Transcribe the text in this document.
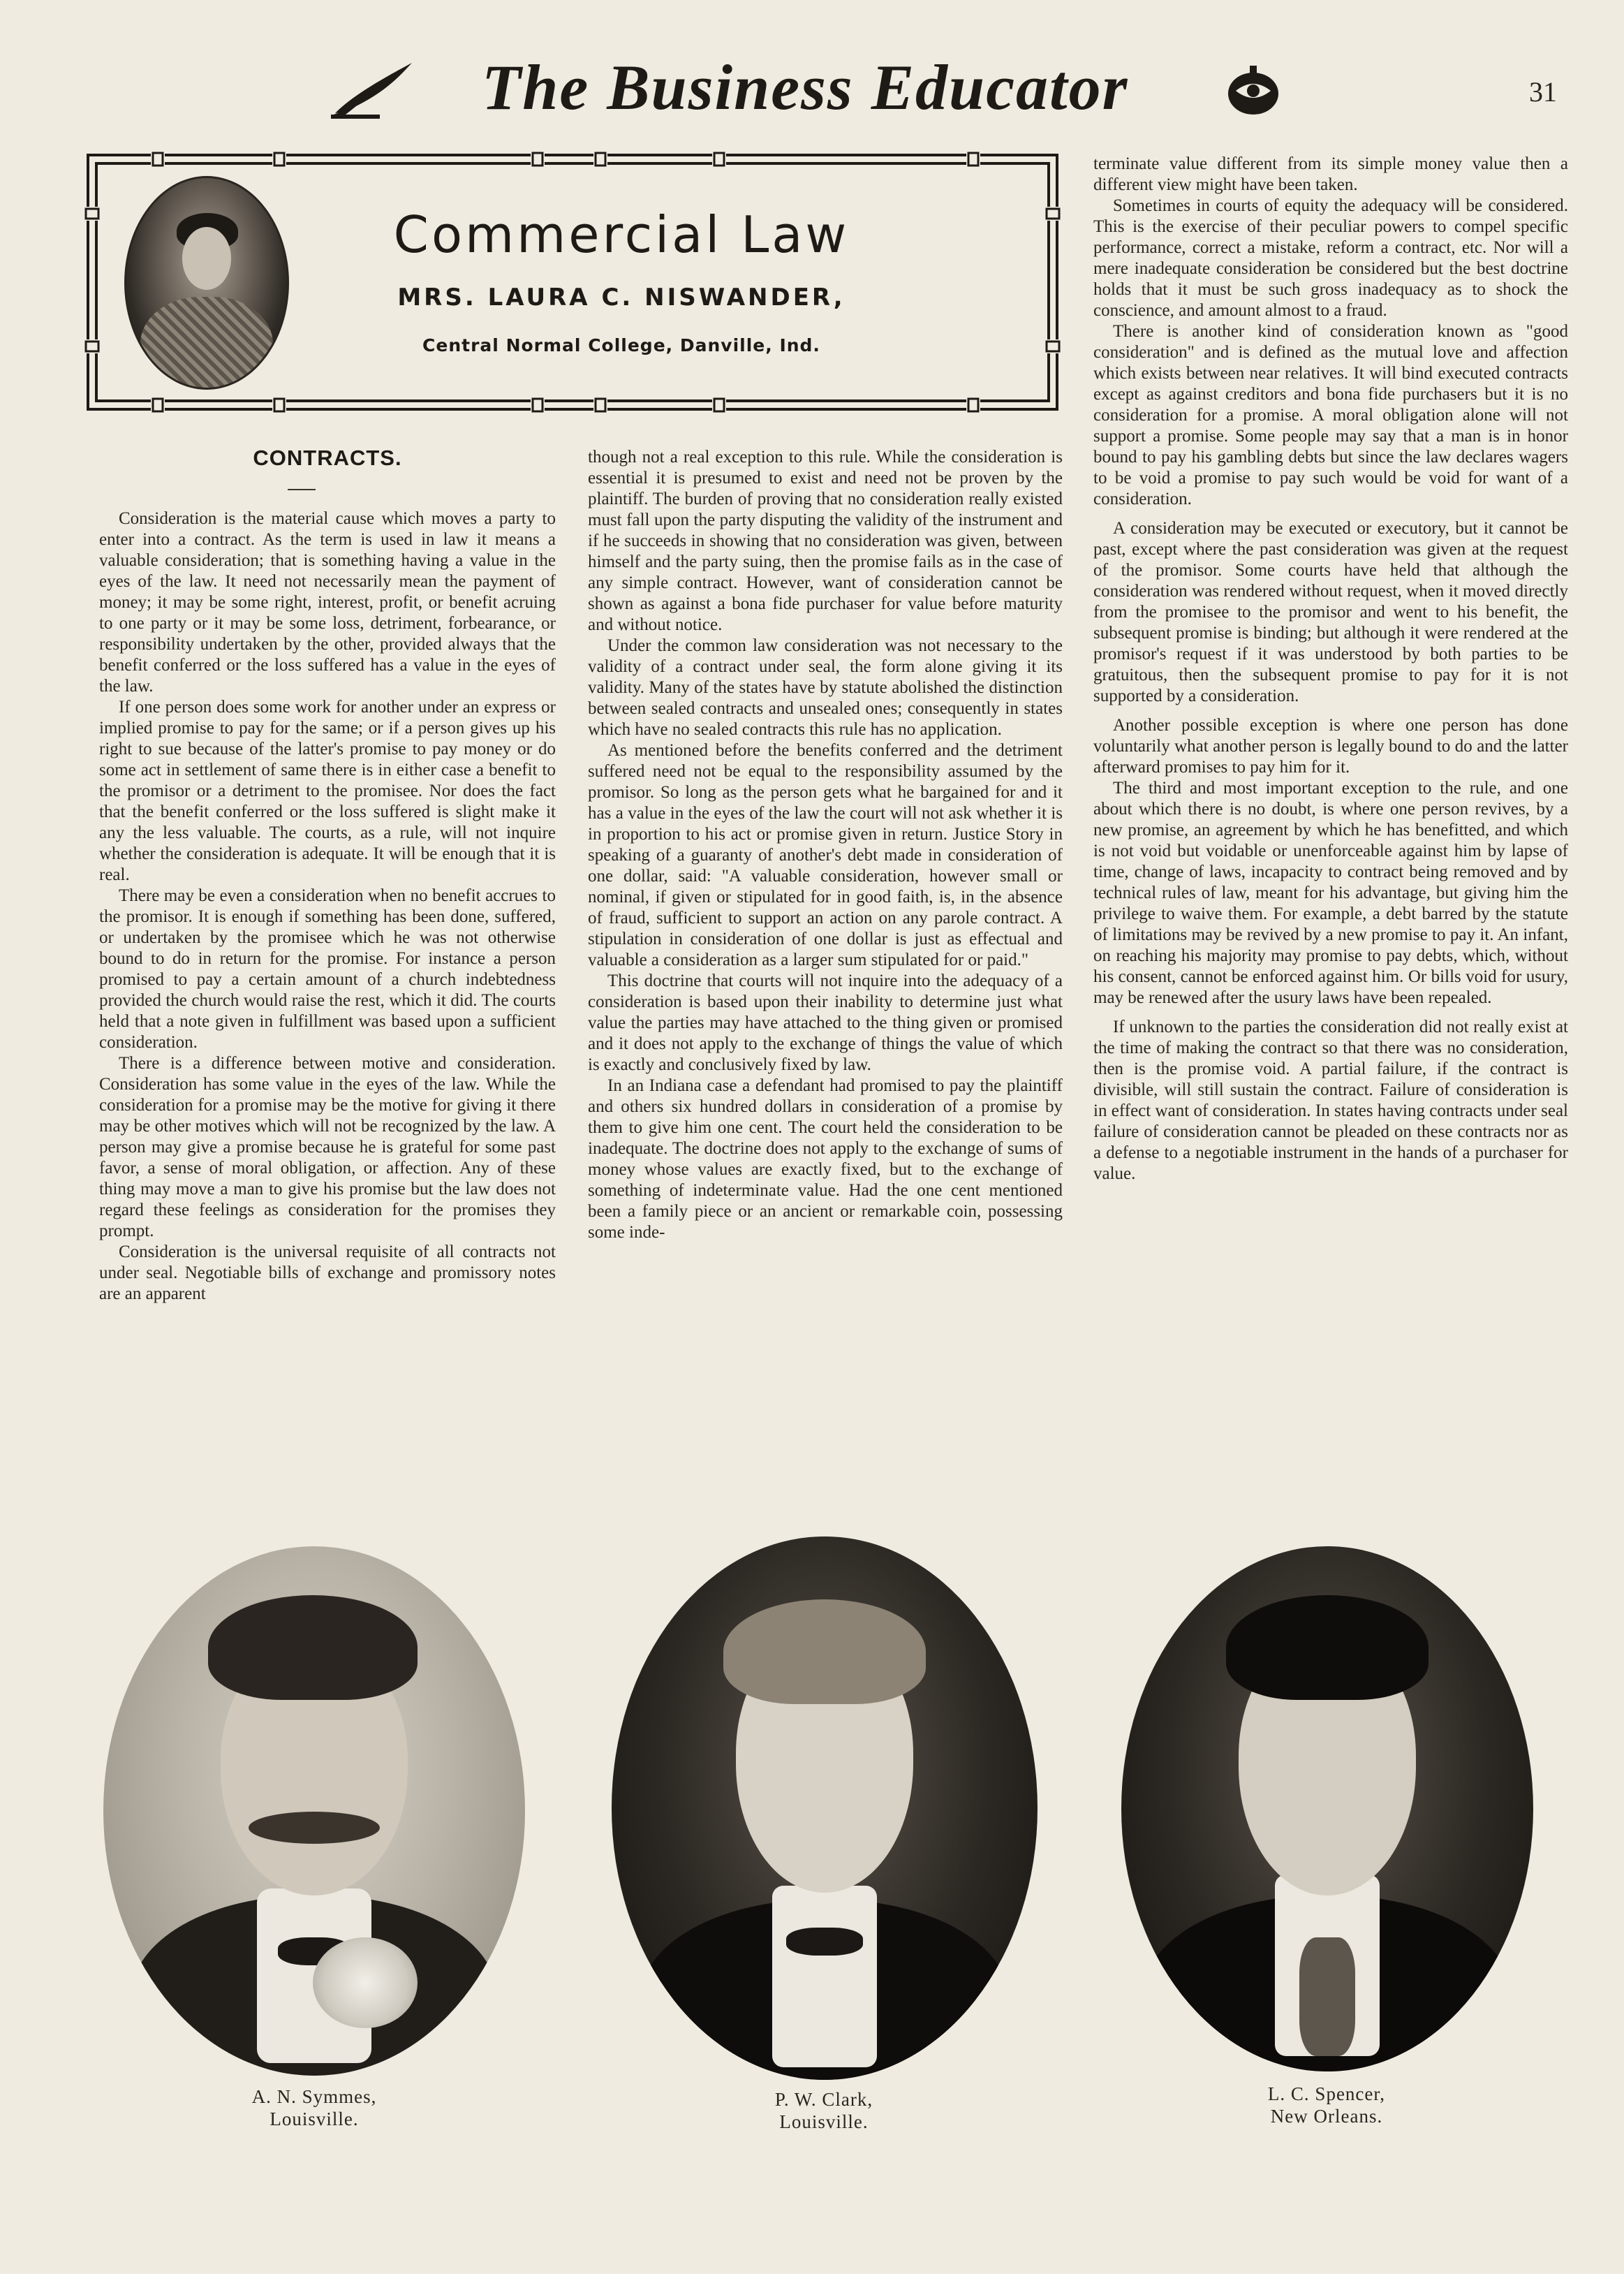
The Business Educator	31
Commercial Law
MRS. LAURA C. NISWANDER,
Central Normal College, Danville, Ind.
CONTRACTS.

Consideration is the material cause which moves a party to enter into a contract. As the term is used in law it means a valuable consideration; that is something having a value in the eyes of the law. It need not necessarily mean the payment of money; it may be some right, interest, profit, or benefit acruing to one party or it may be some loss, detriment, forbearance, or responsibility undertaken by the other, provided always that the benefit conferred or the loss suffered has a value in the eyes of the law.

If one person does some work for another under an express or implied promise to pay for the same; or if a person gives up his right to sue because of the latter's promise to pay money or do some act in settlement of same there is in either case a benefit to the promisor or a detriment to the promisee. Nor does the fact that the benefit conferred or the loss suffered is slight make it any the less valuable. The courts, as a rule, will not inquire whether the consideration is adequate. It will be enough that it is real.

There may be even a consideration when no benefit accrues to the promisor. It is enough if something has been done, suffered, or undertaken by the promisee which he was not otherwise bound to do in return for the promise. For instance a person promised to pay a certain amount of a church indebtedness provided the church would raise the rest, which it did. The courts held that a note given in fulfillment was based upon a sufficient consideration.

There is a difference between motive and consideration. Consideration has some value in the eyes of the law. While the consideration for a promise may be the motive for giving it there may be other motives which will not be recognized by the law. A person may give a promise because he is grateful for some past favor, a sense of moral obligation, or affection. Any of these thing may move a man to give his promise but the law does not regard these feelings as consideration for the promises they prompt.

Consideration is the universal requisite of all contracts not under seal. Negotiable bills of exchange and promissory notes are an apparent

though not a real exception to this rule. While the consideration is essential it is presumed to exist and need not be proven by the plaintiff. The burden of proving that no consideration really existed must fall upon the party disputing the validity of the instrument and if he succeeds in showing that no consideration was given, between himself and the party suing, then the promise fails as in the case of any simple contract. However, want of consideration cannot be shown as against a bona fide purchaser for value before maturity and without notice.

Under the common law consideration was not necessary to the validity of a contract under seal, the form alone giving it its validity. Many of the states have by statute abolished the distinction between sealed contracts and unsealed ones; consequently in states which have no sealed contracts this rule has no application.

As mentioned before the benefits conferred and the detriment suffered need not be equal to the responsibility assumed by the promisor. So long as the person gets what he bargained for and it has a value in the eyes of the law the court will not ask whether it is in proportion to his act or promise given in return. Justice Story in speaking of a guaranty of another's debt made in consideration of one dollar, said: "A valuable consideration, however small or nominal, if given or stipulated for in good faith, is, in the absence of fraud, sufficient to support an action on any parole contract. A stipulation in consideration of one dollar is just as effectual and valuable a consideration as a larger sum stipulated for or paid."

This doctrine that courts will not inquire into the adequacy of a consideration is based upon their inability to determine just what value the parties may have attached to the thing given or promised and it does not apply to the exchange of things the value of which is exactly and conclusively fixed by law.

In an Indiana case a defendant had promised to pay the plaintiff and others six hundred dollars in consideration of a promise by them to give him one cent. The court held the consideration to be inadequate. The doctrine does not apply to the exchange of sums of money whose values are exactly fixed, but to the exchange of something of indeterminate value. Had the one cent mentioned been a family piece or an ancient or remarkable coin, possessing some inde-

terminate value different from its simple money value then a different view might have been taken.

Sometimes in courts of equity the adequacy will be considered. This is the exercise of their peculiar powers to compel specific performance, correct a mistake, reform a contract, etc. Nor will a mere inadequate consideration be considered but the best doctrine holds that it must be such gross inadequacy as to shock the conscience, and amount almost to a fraud.

There is another kind of consideration known as "good consideration" and is defined as the mutual love and affection which exists between near relatives. It will bind executed contracts except as against creditors and bona fide purchasers but it is no consideration for a promise. A moral obligation alone will not support a promise. Some people may say that a man is in honor bound to pay his gambling debts but since the law declares wagers to be void a promise to pay such would be void for want of a consideration.

A consideration may be executed or executory, but it cannot be past, except where the past consideration was given at the request of the promisor. Some courts have held that although the consideration was rendered without request, when it moved directly from the promisee to the promisor and went to his benefit, the subsequent promise is binding; but although it were rendered at the promisor's request if it was understood by both parties to be gratuitous, then the subsequent promise to pay for it is not supported by a consideration.

Another possible exception is where one person has done voluntarily what another person is legally bound to do and the latter afterward promises to pay him for it.

The third and most important exception to the rule, and one about which there is no doubt, is where one person revives, by a new promise, an agreement by which he has benefitted, and which is not void but voidable or unenforceable against him by lapse of time, change of laws, incapacity to contract being removed and by technical rules of law, meant for his advantage, but giving him the privilege to waive them. For example, a debt barred by the statute of limitations may be revived by a new promise to pay it. An infant, on reaching his majority may promise to pay debts, which, without his consent, cannot be enforced against him. Or bills void for usury, may be renewed after the usury laws have been repealed.

If unknown to the parties the consideration did not really exist at the time of making the contract so that there was no consideration, then is the promise void. A partial failure, if the contract is divisible, will still sustain the contract. Failure of consideration is in effect want of consideration. In states having contracts under seal failure of consideration cannot be pleaded on these contracts nor as a defense to a negotiable instrument in the hands of a purchaser for value.

A. N. Symmes,
Louisville.
P. W. Clark,
Louisville.
L. C. Spencer,
New Orleans.
